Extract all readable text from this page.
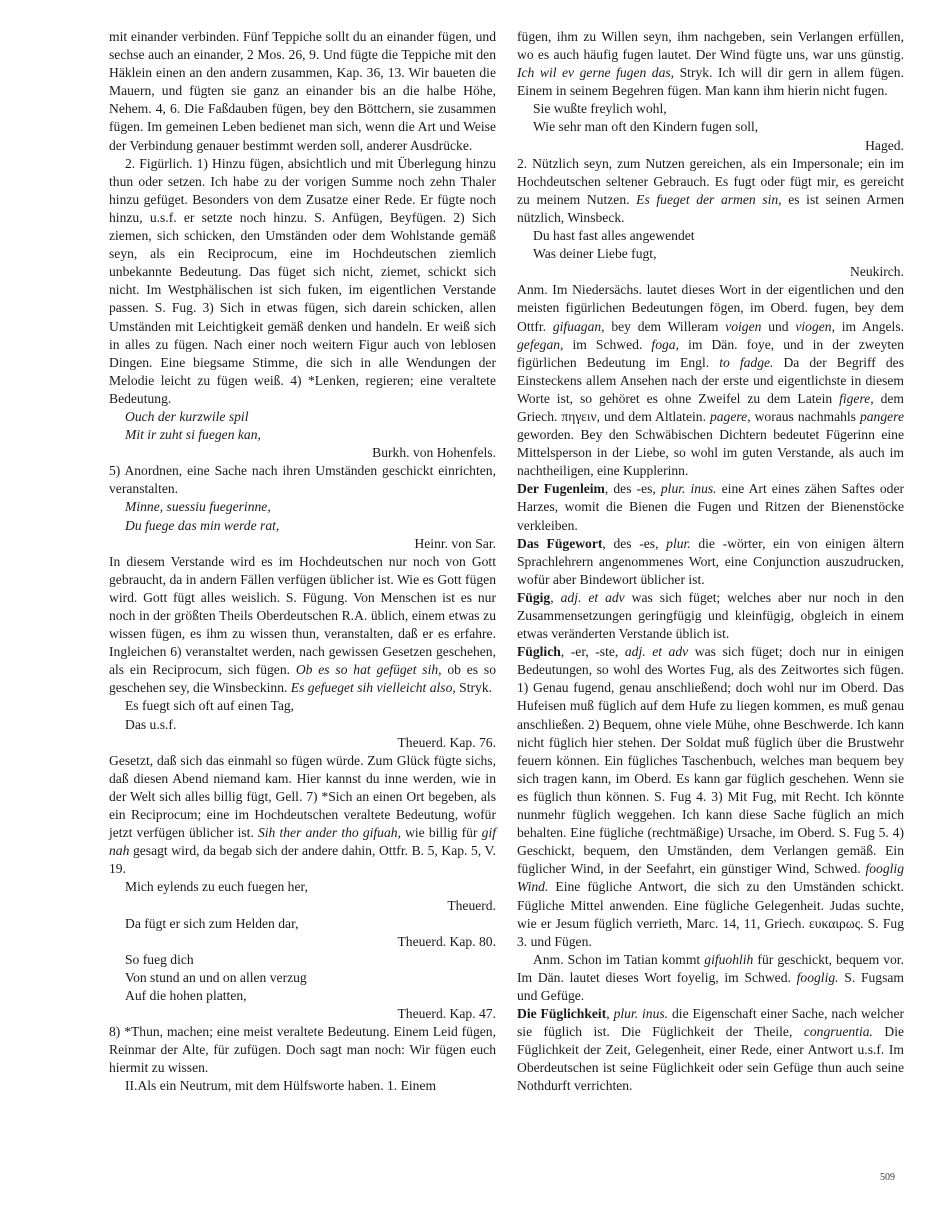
mit einander verbinden. Fünf Teppiche sollt du an einander fügen, und sechse auch an einander, 2 Mos. 26, 9. Und fügte die Teppiche mit den Häklein einen an den andern zusammen, Kap. 36, 13. Wir baueten die Mauern, und fügten sie ganz an einander bis an die halbe Höhe, Nehem. 4, 6. Die Faßdauben fügen, bey den Böttchern, sie zusammen fügen. Im gemeinen Leben bedienet man sich, wenn die Art und Weise der Verbindung genauer bestimmt werden soll, anderer Ausdrücke.
2. Figürlich. 1) Hinzu fügen, absichtlich und mit Überlegung hinzu thun oder setzen. Ich habe zu der vorigen Summe noch zehn Thaler hinzu gefüget. Besonders von dem Zusatze einer Rede. Er fügte noch hinzu, u.s.f. er setzte noch hinzu. S. Anfügen, Beyfügen. 2) Sich ziemen, sich schicken, den Umständen oder dem Wohlstande gemäß seyn, als ein Reciprocum, eine im Hochdeutschen ziemlich unbekannte Bedeutung. Das füget sich nicht, ziemet, schickt sich nicht. Im Westphälischen ist sich fuken, im eigentlichen Verstande passen. S. Fug. 3) Sich in etwas fügen, sich darein schicken, allen Umständen mit Leichtigkeit gemäß denken und handeln. Er weiß sich in alles zu fügen. Nach einer noch weitern Figur auch von leblosen Dingen. Eine biegsame Stimme, die sich in alle Wendungen der Melodie leicht zu fügen weiß. 4) *Lenken, regieren; eine veraltete Bedeutung.
Ouch der kurzwile spil
Mit ir zuht si fuegen kan,
Burkh. von Hohenfels.
5) Anordnen, eine Sache nach ihren Umständen geschickt einrichten, veranstalten.
Minne, suessiu fuegerinne,
Du fuege das min werde rat,
Heinr. von Sar.
In diesem Verstande wird es im Hochdeutschen nur noch von Gott gebraucht, da in andern Fällen verfügen üblicher ist. Wie es Gott fügen wird. Gott fügt alles weislich. S. Fügung. Von Menschen ist es nur noch in der größten Theils Oberdeutschen R.A. üblich, einem etwas zu wissen fügen, es ihm zu wissen thun, veranstalten, daß er es erfahre. Ingleichen 6) veranstaltet werden, nach gewissen Gesetzen geschehen, als ein Reciprocum, sich fügen. Ob es so hat gefüget sih, ob es so geschehen sey, die Winsbeckinn. Es gefueget sih vielleicht also, Stryk.
Es fuegt sich oft auf einen Tag,
Das u.s.f.
Theuerd. Kap. 76.
Gesetzt, daß sich das einmahl so fügen würde. Zum Glück fügte sichs, daß diesen Abend niemand kam. Hier kannst du inne werden, wie in der Welt sich alles billig fügt, Gell. 7) *Sich an einen Ort begeben, als ein Reciprocum; eine im Hochdeutschen veraltete Bedeutung, wofür jetzt verfügen üblicher ist. Sih ther ander tho gifuah, wie billig für gif nah gesagt wird, da begab sich der andere dahin, Ottfr. B. 5, Kap. 5, V. 19.
Mich eylends zu euch fuegen her,
Theuerd.
Da fügt er sich zum Helden dar,
Theuerd. Kap. 80.
So fueg dich
Von stund an und on allen verzug
Auf die hohen platten,
Theuerd. Kap. 47.
8) *Thun, machen; eine meist veraltete Bedeutung. Einem Leid fügen, Reinmar der Alte, für zufügen. Doch sagt man noch: Wir fügen euch hiermit zu wissen.
II.Als ein Neutrum, mit dem Hülfsworte haben. 1. Einem
fügen, ihm zu Willen seyn, ihm nachgeben, sein Verlangen erfüllen, wo es auch häufig fugen lautet. Der Wind fügte uns, war uns günstig. Ich wil ev gerne fugen das, Stryk. Ich will dir gern in allem fügen. Einem in seinem Begehren fügen. Man kann ihm hierin nicht fugen.
Sie wußte freylich wohl,
Wie sehr man oft den Kindern fugen soll,
Haged.
2. Nützlich seyn, zum Nutzen gereichen, als ein Impersonale; ein im Hochdeutschen seltener Gebrauch. Es fugt oder fügt mir, es gereicht zu meinem Nutzen. Es fueget der armen sin, es ist seinen Armen nützlich, Winsbeck.
Du hast fast alles angewendet
Was deiner Liebe fugt,
Neukirch.
Anm. Im Niedersächs. lautet dieses Wort in der eigentlichen und den meisten figürlichen Bedeutungen fögen, im Oberd. fugen, bey dem Ottfr. gifuagan, bey dem Willeram voigen und viogen, im Angels. gefegan, im Schwed. foga, im Dän. foye, und in der zweyten figürlichen Bedeutung im Engl. to fadge. Da der Begriff des Einsteckens allem Ansehen nach der erste und eigentlichste in diesem Worte ist, so gehöret es ohne Zweifel zu dem Latein figere, dem Griech. πηγειν, und dem Altlatein. pagere, woraus nachmahls pangere geworden. Bey den Schwäbischen Dichtern bedeutet Fügerinn eine Mittelsperson in der Liebe, so wohl im guten Verstande, als auch im nachtheiligen, eine Kupplerinn.
Der Fugenleim, des -es, plur. inus. eine Art eines zähen Saftes oder Harzes, womit die Bienen die Fugen und Ritzen der Bienenstöcke verkleiben.
Das Fügewort, des -es, plur. die -wörter, ein von einigen ältern Sprachlehrern angenommenes Wort, eine Conjunction auszudrucken, wofür aber Bindewort üblicher ist.
Fügig, adj. et adv was sich füget; welches aber nur noch in den Zusammensetzungen geringfügig und kleinfügig, obgleich in einem etwas veränderten Verstande üblich ist.
Füglich, -er, -ste, adj. et adv was sich füget; doch nur in einigen Bedeutungen, so wohl des Wortes Fug, als des Zeitwortes sich fügen. 1) Genau fugend, genau anschließend; doch wohl nur im Oberd. Das Hufeisen muß füglich auf dem Hufe zu liegen kommen, es muß genau anschließen. 2) Bequem, ohne viele Mühe, ohne Beschwerde. Ich kann nicht füglich hier stehen. Der Soldat muß füglich über die Brustwehr feuern können. Ein fügliches Taschenbuch, welches man bequem bey sich tragen kann, im Oberd. Es kann gar füglich geschehen. Wenn sie es füglich thun können. S. Fug 4. 3) Mit Fug, mit Recht. Ich könnte nunmehr füglich weggehen. Ich kann diese Sache füglich an mich behalten. Eine fügliche (rechtmäßige) Ursache, im Oberd. S. Fug 5. 4) Geschickt, bequem, den Umständen, dem Verlangen gemäß. Ein füglicher Wind, in der Seefahrt, ein günstiger Wind, Schwed. fooglig Wind. Eine fügliche Antwort, die sich zu den Umständen schickt. Fügliche Mittel anwenden. Eine fügliche Gelegenheit. Judas suchte, wie er Jesum füglich verrieth, Marc. 14, 11, Griech. ευκαιρως. S. Fug 3. und Fügen.
Anm. Schon im Tatian kommt gifuohlih für geschickt, bequem vor. Im Dän. lautet dieses Wort foyelig, im Schwed. fooglig. S. Fugsam und Gefüge.
Die Füglichkeit, plur. inus. die Eigenschaft einer Sache, nach welcher sie füglich ist. Die Füglichkeit der Theile, congruentia. Die Füglichkeit der Zeit, Gelegenheit, einer Rede, einer Antwort u.s.f. Im Oberdeutschen ist seine Füglichkeit oder sein Gefüge thun auch seine Nothdurft verrichten.
509
